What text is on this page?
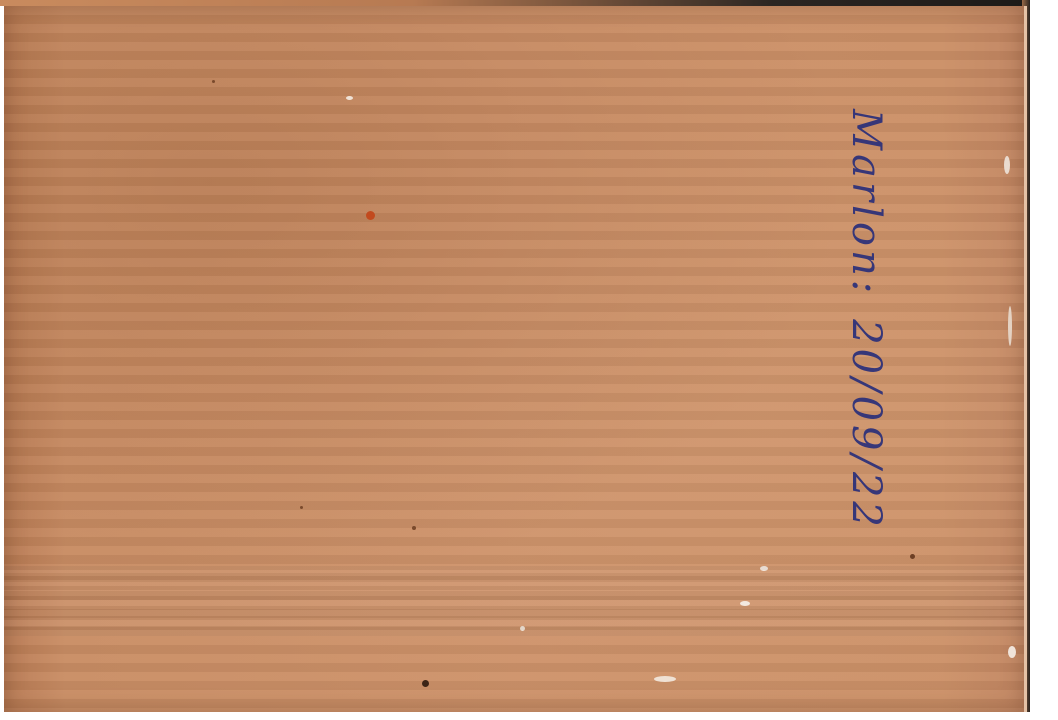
Marlon:20/09/22
